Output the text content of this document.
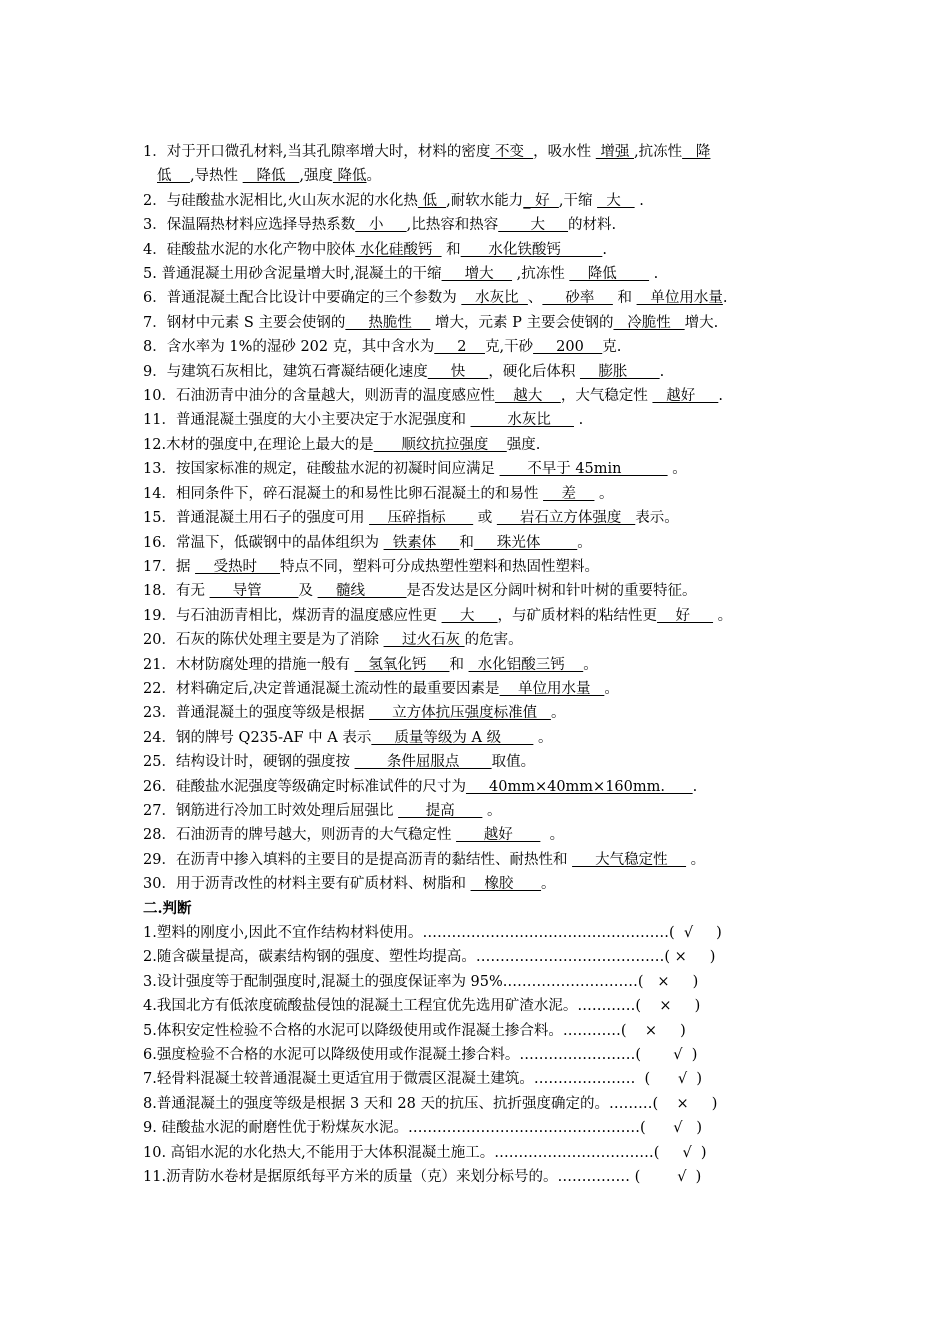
1．对于开口微孔材料,当其孔隙率增大时，材料的密度 不变  ，吸水性  增强 ,抗冻性   降

低    ,导热性    降低   ,强度 降低。

2．与硅酸盐水泥相比,火山灰水泥的水化热 低  ,耐软水能力_ 好  ,干缩   大    .

3．保温隔热材料应选择导热系数   小     ,比热容和热容       大     的材料.

4．硅酸盐水泥的水化产物中胶体 水化硅酸钙   和      水化铁酸钙         .

5. 普通混凝土用砂含泥量增大时,混凝土的干缩     增大     ,抗冻性     降低        .

6．普通混凝土配合比设计中要确定的三个参数为    水灰比  、     砂率     和    单位用水量.

7．钢材中元素 S 主要会使钢的     热脆性     增大，元素 P 主要会使钢的   冷脆性   增大.

8．含水率为 1%的湿砂 202 克，其中含水为     2    克,干砂     200    克.

9．与建筑石灰相比，建筑石膏凝结硬化速度     快     ，硬化后体积     膨胀       .

10．石油沥青中油分的含量越大，则沥青的温度感应性    越大    ，大气稳定性    越好     .

11．普通混凝土强度的大小主要决定于水泥强度和         水灰比      .

12.木材的强度中,在理论上最大的是      顺纹抗拉强度    强度.

13．按国家标准的规定，硅酸盐水泥的初凝时间应满足       不早于 45min           。

14．相同条件下，碎石混凝土的和易性比卵石混凝土的和易性     差     。

15．普通混凝土用石子的强度可用     压碎指标       或      岩石立方体强度   表示。

16．常温下，低碳钢中的晶体组织为   铁素体     和     珠光体        。

17．据     受热时     特点不同，塑料可分成热塑性塑料和热固性塑料。

18．有无      导管        及     髓线         是否发达是区分阔叶树和针叶树的重要特征。

19．与石油沥青相比，煤沥青的温度感应性更     大     ，与矿质材料的粘结性更    好      。

20．石灰的陈伏处理主要是为了消除     过火石灰 的危害。

21．木材防腐处理的措施一般有    氢氧化钙     和   水化铝酸三钙    。

22．材料确定后,决定普通混凝土流动性的最重要因素是    单位用水量   。

23．普通混凝土的强度等级是根据      立方体抗压强度标准值   。

24．钢的牌号 Q235-AF 中 A 表示     质量等级为 A 级        。

25．结构设计时，硬钢的强度按        条件屈服点       取值。

26．硅酸盐水泥强度等级确定时标准试件的尺寸为     40mm×40mm×160mm.      .

27．钢筋进行冷加工时效处理后屈强比       提高       。

28．石油沥青的牌号越大，则沥青的大气稳定性       越好        。

29．在沥青中掺入填料的主要目的是提高沥青的黏结性、耐热性和      大气稳定性     。

30．用于沥青改性的材料主要有矿质材料、树脂和    橡胶      。

二.判断

1.塑料的刚度小,因此不宜作结构材料使用。……………………………………………(  √     )

2.随含碳量提高，碳素结构钢的强度、塑性均提高。…………………………………( ×     )

3.设计强度等于配制强度时,混凝土的强度保证率为 95%.………………………(   ×     )

4.我国北方有低浓度硫酸盐侵蚀的混凝土工程宜优先选用矿渣水泥。…………(    ×     )

5.体积安定性检验不合格的水泥可以降级使用或作混凝土掺合料。…………(    ×     )

6.强度检验不合格的水泥可以降级使用或作混凝土掺合料。……………………(       √  )

7.轻骨料混凝土较普通混凝土更适宜用于微震区混凝土建筑。…………………  (      √  )

8.普通混凝土的强度等级是根据 3 天和 28 天的抗压、抗折强度确定的。………(    ×     )

9. 硅酸盐水泥的耐磨性优于粉煤灰水泥。…………………………………………(      √   )

10. 高铝水泥的水化热大,不能用于大体积混凝土施工。……………………………(     √  )

11.沥青防水卷材是据原纸每平方米的质量（克）来划分标号的。…………… (        √  )
